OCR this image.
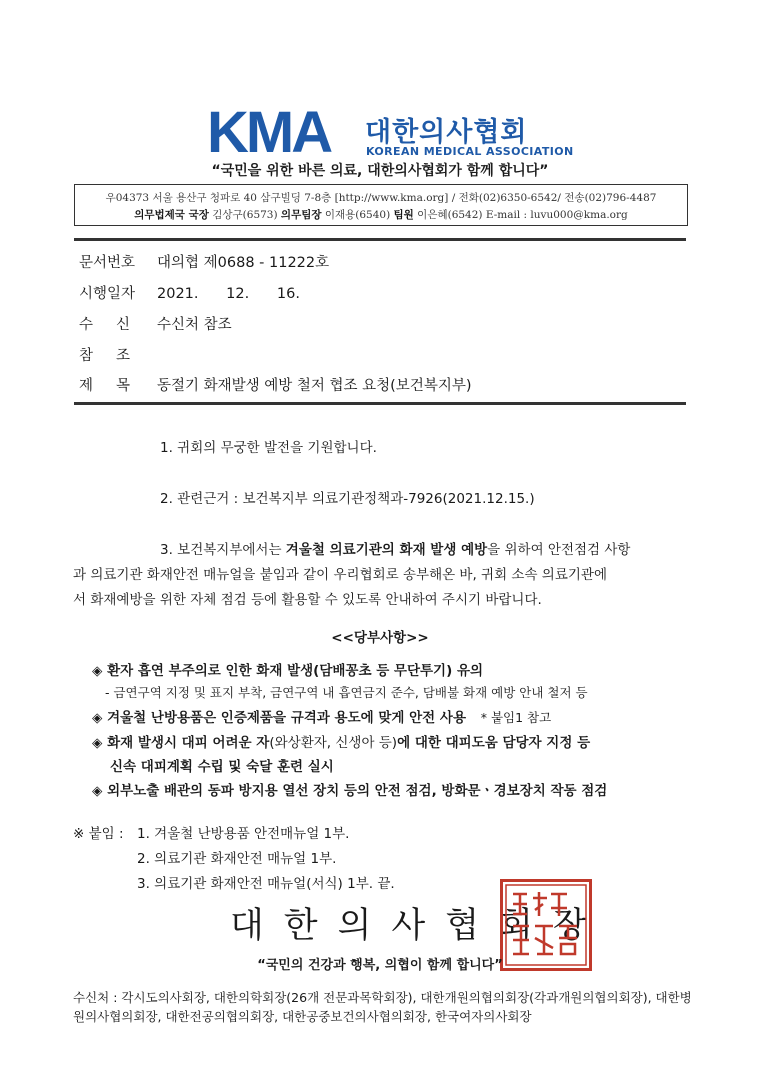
KMA 대한의사협회
KOREAN MEDICAL ASSOCIATION
“국민을 위한 바른 의료, 대한의사협회가 함께 합니다”
우04373 서울 용산구 청파로 40 삼구빌딩 7-8층 [http://www.kma.org] / 전화(02)6350-6542/ 전송(02)796-4487
의무법제국 국장 김상구(6573) 의무팀장 이재용(6540) 팀원 이은혜(6542) E-mail : luvu000@kma.org
문서번호 대의협 제0688 - 11222호
시행일자 2021.      12.      16.
수     신 수신처 참조
참     조
제     목 동절기 화재발생 예방 철저 협조 요청(보건복지부)
1. 귀회의 무궁한 발전을 기원합니다.
2. 관련근거 : 보건복지부 의료기관정책과-7926(2021.12.15.)
3. 보건복지부에서는 겨울철 의료기관의 화재 발생 예방을 위하여 안전점검 사항
과 의료기관 화재안전 매뉴얼을 붙임과 같이 우리협회로 송부해온 바, 귀회 소속 의료기관에
서 화재예방을 위한 자체 점검 등에 활용할 수 있도록 안내하여 주시기 바랍니다.
<<당부사항>>
◈ 환자 흡연 부주의로 인한 화재 발생(담배꽁초 등 무단투기) 유의
- 금연구역 지정 및 표지 부착, 금연구역 내 흡연금지 준수, 담배불 화재 예방 안내 철저 등
◈ 겨울철 난방용품은 인증제품을 규격과 용도에 맞게 안전 사용 * 붙임1 참고
◈ 화재 발생시 대피 어려운 자(와상환자, 신생아 등)에 대한 대피도움 담당자 지정 등
신속 대피계획 수립 및 숙달 훈련 실시
◈ 외부노출 배관의 동파 방지용 열선 장치 등의 안전 점검, 방화문ㆍ경보장치 작동 점검
※ 붙임 : 1. 겨울철 난방용품 안전매뉴얼 1부.
2. 의료기관 화재안전 매뉴얼 1부.
3. 의료기관 화재안전 매뉴얼(서식) 1부. 끝.
대한의사협회장
“국민의 건강과 행복, 의협이 함께 합니다”
수신처 : 각시도의사회장, 대한의학회장(26개 전문과목학회장), 대한개원의협의회장(각과개원의협의회장), 대한병원의사협의회장, 대한전공의협의회장, 대한공중보건의사협의회장, 한국여자의사회장
